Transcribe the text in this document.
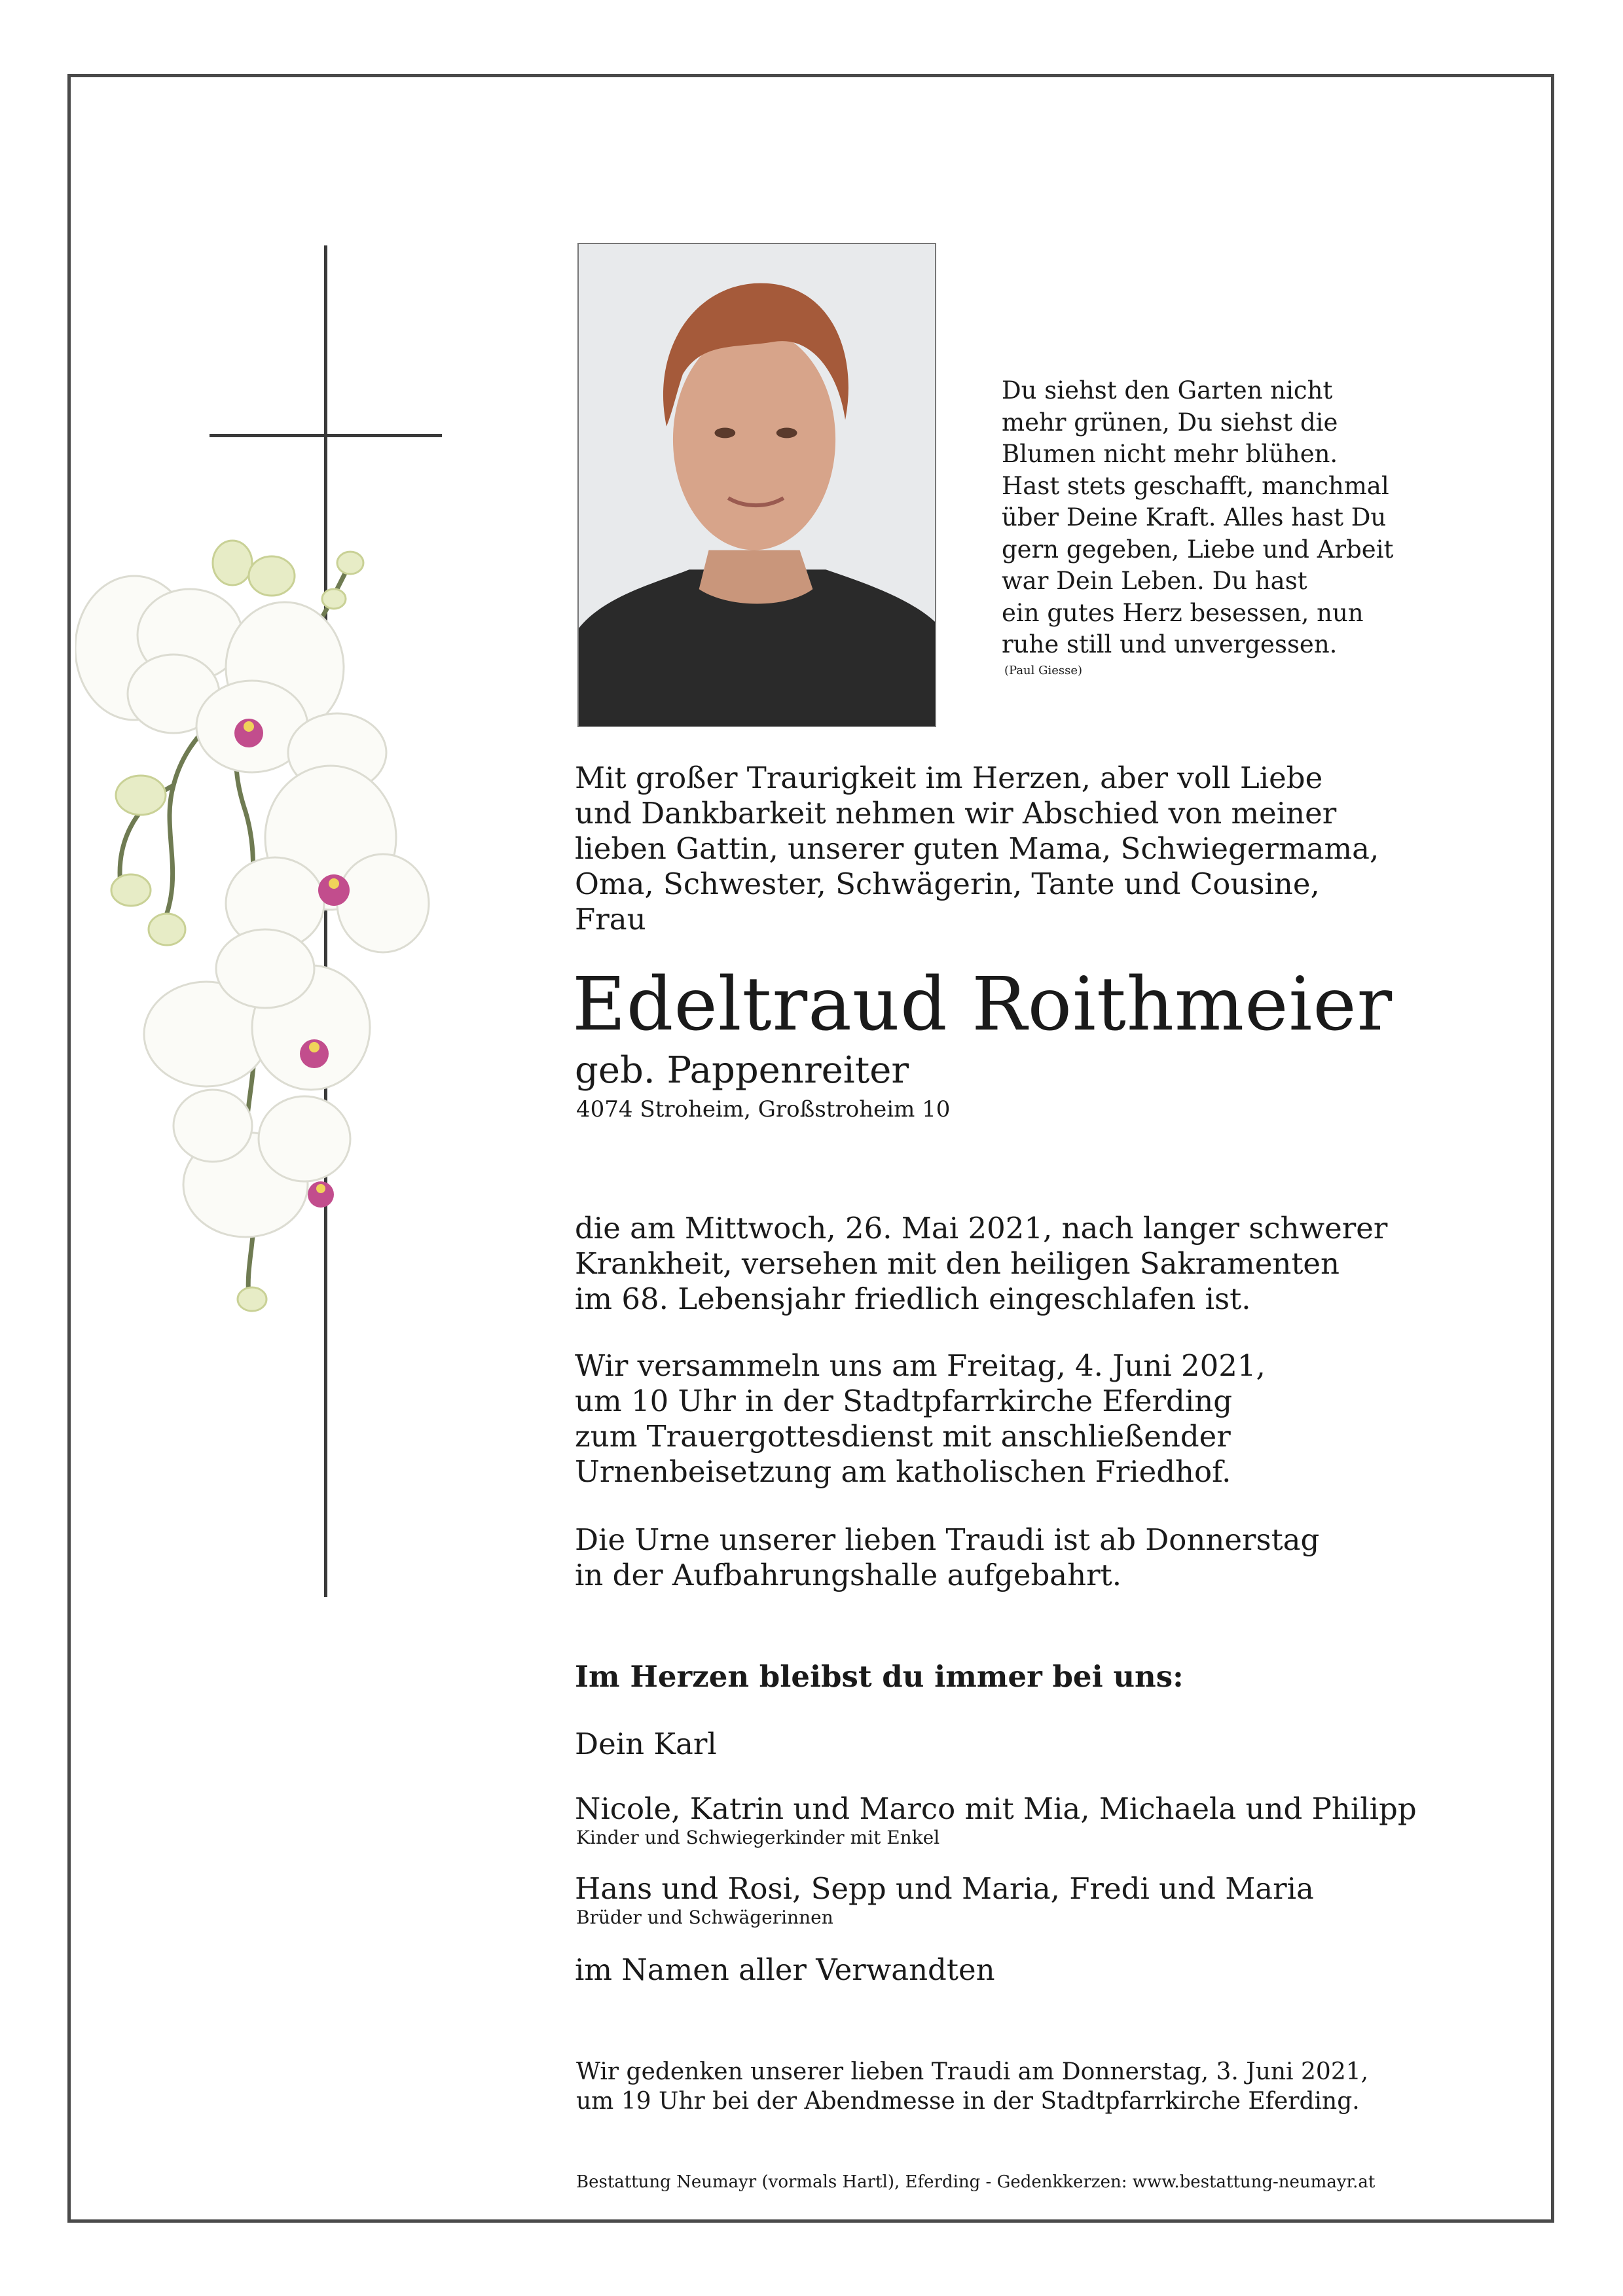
Du siehst den Garten nicht
mehr grünen, Du siehst die
Blumen nicht mehr blühen.
Hast stets geschafft, manchmal
über Deine Kraft. Alles hast Du
gern gegeben, Liebe und Arbeit
war Dein Leben. Du hast
ein gutes Herz besessen, nun
ruhe still und unvergessen.
(Paul Giesse)
Mit großer Traurigkeit im Herzen, aber voll Liebe
und Dankbarkeit nehmen wir Abschied von meiner
lieben Gattin, unserer guten Mama, Schwiegermama,
Oma, Schwester, Schwägerin, Tante und Cousine,
Frau
Edeltraud Roithmeier
geb. Pappenreiter
4074 Stroheim, Großstroheim 10
die am Mittwoch, 26. Mai 2021, nach langer schwerer
Krankheit, versehen mit den heiligen Sakramenten
im 68. Lebensjahr friedlich eingeschlafen ist.
Wir versammeln uns am Freitag, 4. Juni 2021,
um 10 Uhr in der Stadtpfarrkirche Eferding
zum Trauergottesdienst mit anschließender
Urnenbeisetzung am katholischen Friedhof.
Die Urne unserer lieben Traudi ist ab Donnerstag
in der Aufbahrungshalle aufgebahrt.
Im Herzen bleibst du immer bei uns:
Dein Karl
Nicole, Katrin und Marco mit Mia, Michaela und Philipp
Kinder und Schwiegerkinder mit Enkel
Hans und Rosi, Sepp und Maria, Fredi und Maria
Brüder und Schwägerinnen
im Namen aller Verwandten
Wir gedenken unserer lieben Traudi am Donnerstag, 3. Juni 2021,
um 19 Uhr bei der Abendmesse in der Stadtpfarrkirche Eferding.
Bestattung Neumayr (vormals Hartl), Eferding - Gedenkkerzen: www.bestattung-neumayr.at
